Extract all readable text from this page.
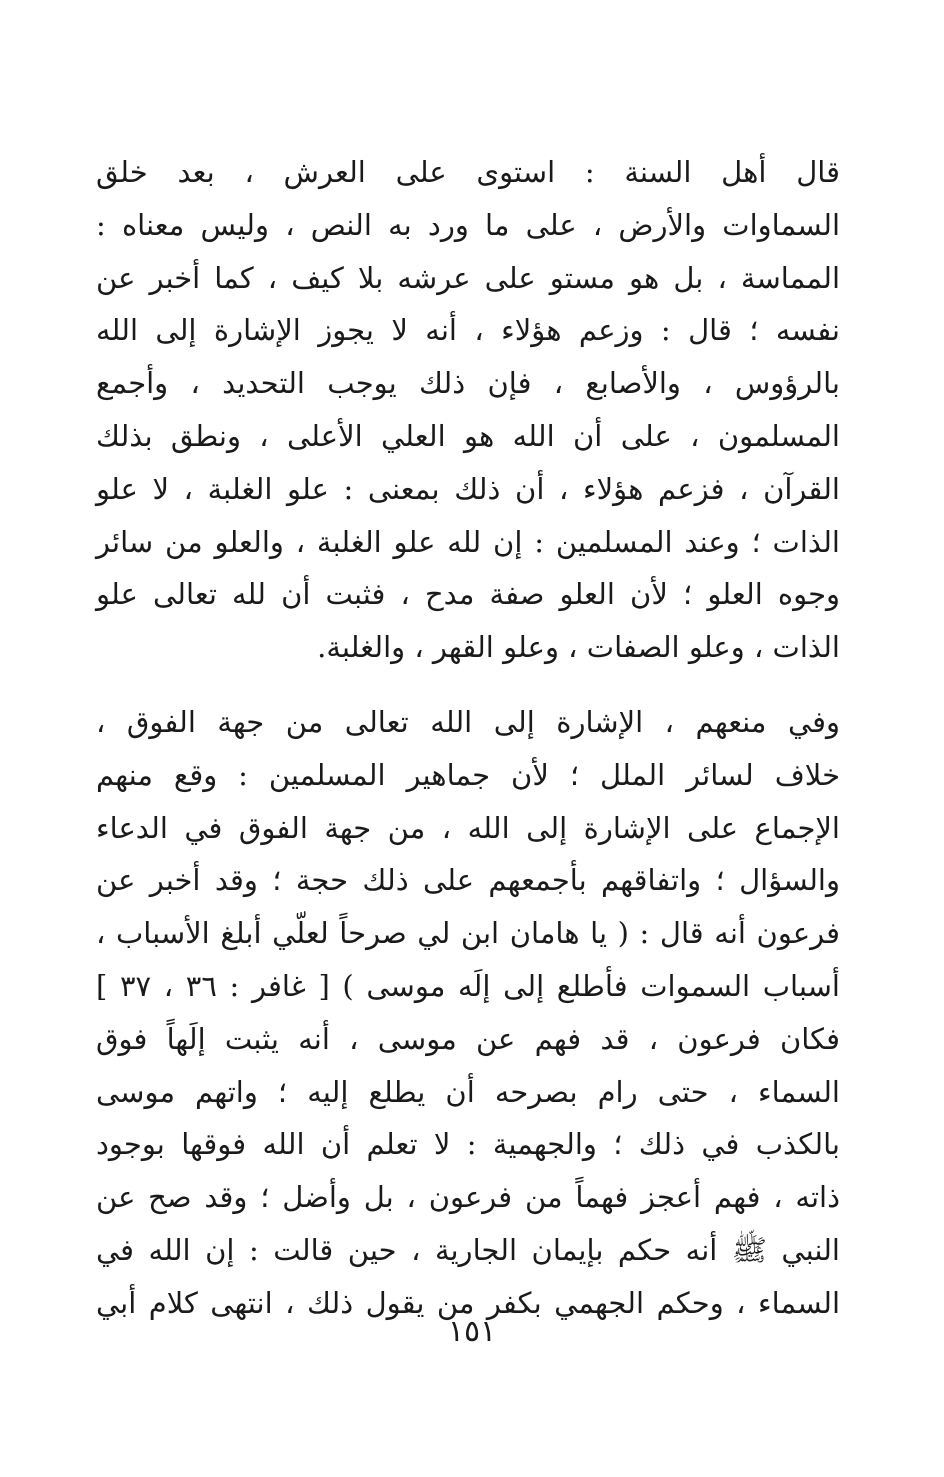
قال أهل السنة : استوى على العرش ، بعد خلق
السماوات والأرض ، على ما ورد به النص ، وليس معناه :
المماسة ، بل هو مستو على عرشه بلا كيف ، كما أخبر عن
نفسه ؛ قال : وزعم هؤلاء ، أنه لا يجوز الإشارة إلى الله
بالرؤوس ، والأصابع ، فإن ذلك يوجب التحديد ، وأجمع
المسلمون ، على أن الله هو العلي الأعلى ، ونطق بذلك
القرآن ، فزعم هؤلاء ، أن ذلك بمعنى : علو الغلبة ، لا علو
الذات ؛ وعند المسلمين : إن لله علو الغلبة ، والعلو من سائر
وجوه العلو ؛ لأن العلو صفة مدح ، فثبت أن لله تعالى علو
الذات ، وعلو الصفات ، وعلو القهر ، والغلبة.

وفي منعهم ، الإشارة إلى الله تعالى من جهة الفوق ،
خلاف لسائر الملل ؛ لأن جماهير المسلمين : وقع منهم
الإجماع على الإشارة إلى الله ، من جهة الفوق في الدعاء
والسؤال ؛ واتفاقهم بأجمعهم على ذلك حجة ؛ وقد أخبر عن
فرعون أنه قال : ( يا هامان ابن لي صرحاً لعلّي أبلغ الأسباب ،
أسباب السموات فأطلع إلى إلَه موسى ) [ غافر : ٣٦ ، ٣٧ ]
فكان فرعون ، قد فهم عن موسى ، أنه يثبت إلَهاً فوق
السماء ، حتى رام بصرحه أن يطلع إليه ؛ واتهم موسى
بالكذب في ذلك ؛ والجهمية : لا تعلم أن الله فوقها بوجود
ذاته ، فهم أعجز فهماً من فرعون ، بل وأضل ؛ وقد صح عن
النبي ﷺ أنه حكم بإيمان الجارية ، حين قالت : إن الله في
السماء ، وحكم الجهمي بكفر من يقول ذلك ، انتهى كلام أبي

١٥١
